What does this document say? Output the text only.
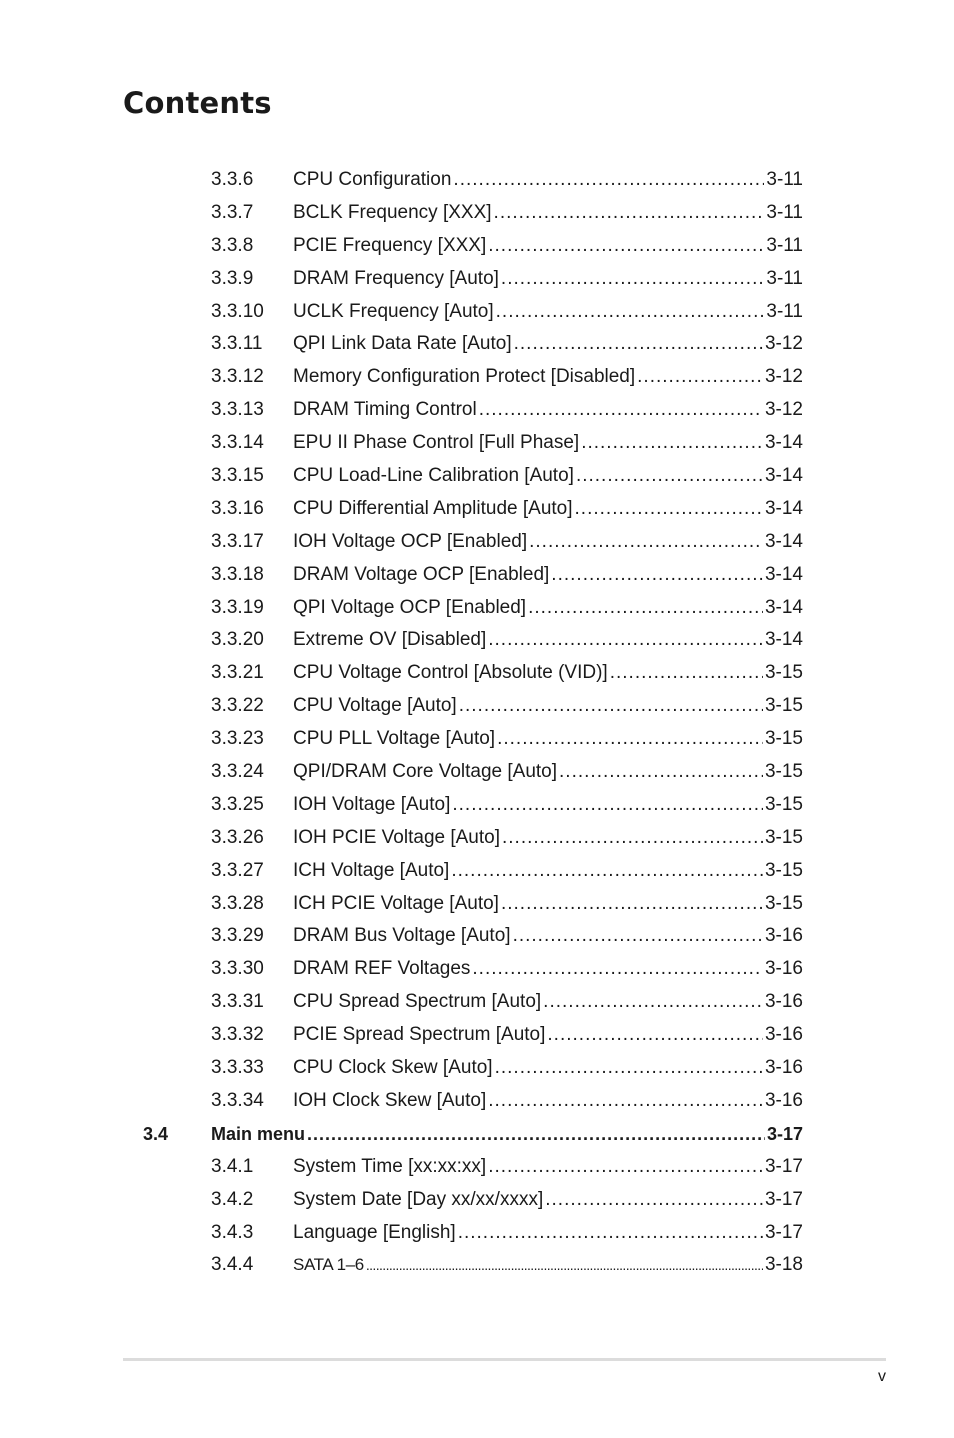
Contents
3.3.6 CPU Configuration .....	3-11
3.3.7 BCLK Frequency [XXX] .....	3-11
3.3.8 PCIE Frequency [XXX] .....	3-11
3.3.9 DRAM Frequency [Auto] .....	3-11
3.3.10 UCLK Frequency [Auto] .....	3-11
3.3.11 QPI Link Data Rate [Auto] .....	3-12
3.3.12 Memory Configuration Protect [Disabled] .....	3-12
3.3.13 DRAM Timing Control .....	3-12
3.3.14 EPU II Phase Control [Full Phase] .....	3-14
3.3.15 CPU Load-Line Calibration [Auto] .....	3-14
3.3.16 CPU Differential Amplitude [Auto] .....	3-14
3.3.17 IOH Voltage OCP [Enabled] .....	3-14
3.3.18 DRAM Voltage OCP [Enabled] .....	3-14
3.3.19 QPI Voltage OCP [Enabled] .....	3-14
3.3.20 Extreme OV [Disabled] .....	3-14
3.3.21 CPU Voltage Control [Absolute (VID)] .....	3-15
3.3.22 CPU Voltage [Auto] .....	3-15
3.3.23 CPU PLL Voltage [Auto] .....	3-15
3.3.24 QPI/DRAM Core Voltage [Auto] .....	3-15
3.3.25 IOH Voltage [Auto] .....	3-15
3.3.26 IOH PCIE Voltage [Auto] .....	3-15
3.3.27 ICH Voltage [Auto] .....	3-15
3.3.28 ICH PCIE Voltage [Auto] .....	3-15
3.3.29 DRAM Bus Voltage [Auto] .....	3-16
3.3.30 DRAM REF Voltages .....	3-16
3.3.31 CPU Spread Spectrum [Auto] .....	3-16
3.3.32 PCIE Spread Spectrum [Auto] .....	3-16
3.3.33 CPU Clock Skew [Auto] .....	3-16
3.3.34 IOH Clock Skew [Auto] .....	3-16
3.4 Main menu .....	3-17
3.4.1 System Time [xx:xx:xx] .....	3-17
3.4.2 System Date [Day xx/xx/xxxx] .....	3-17
3.4.3 Language [English] .....	3-17
3.4.4 SATA 1–6 .....	3-18
v
